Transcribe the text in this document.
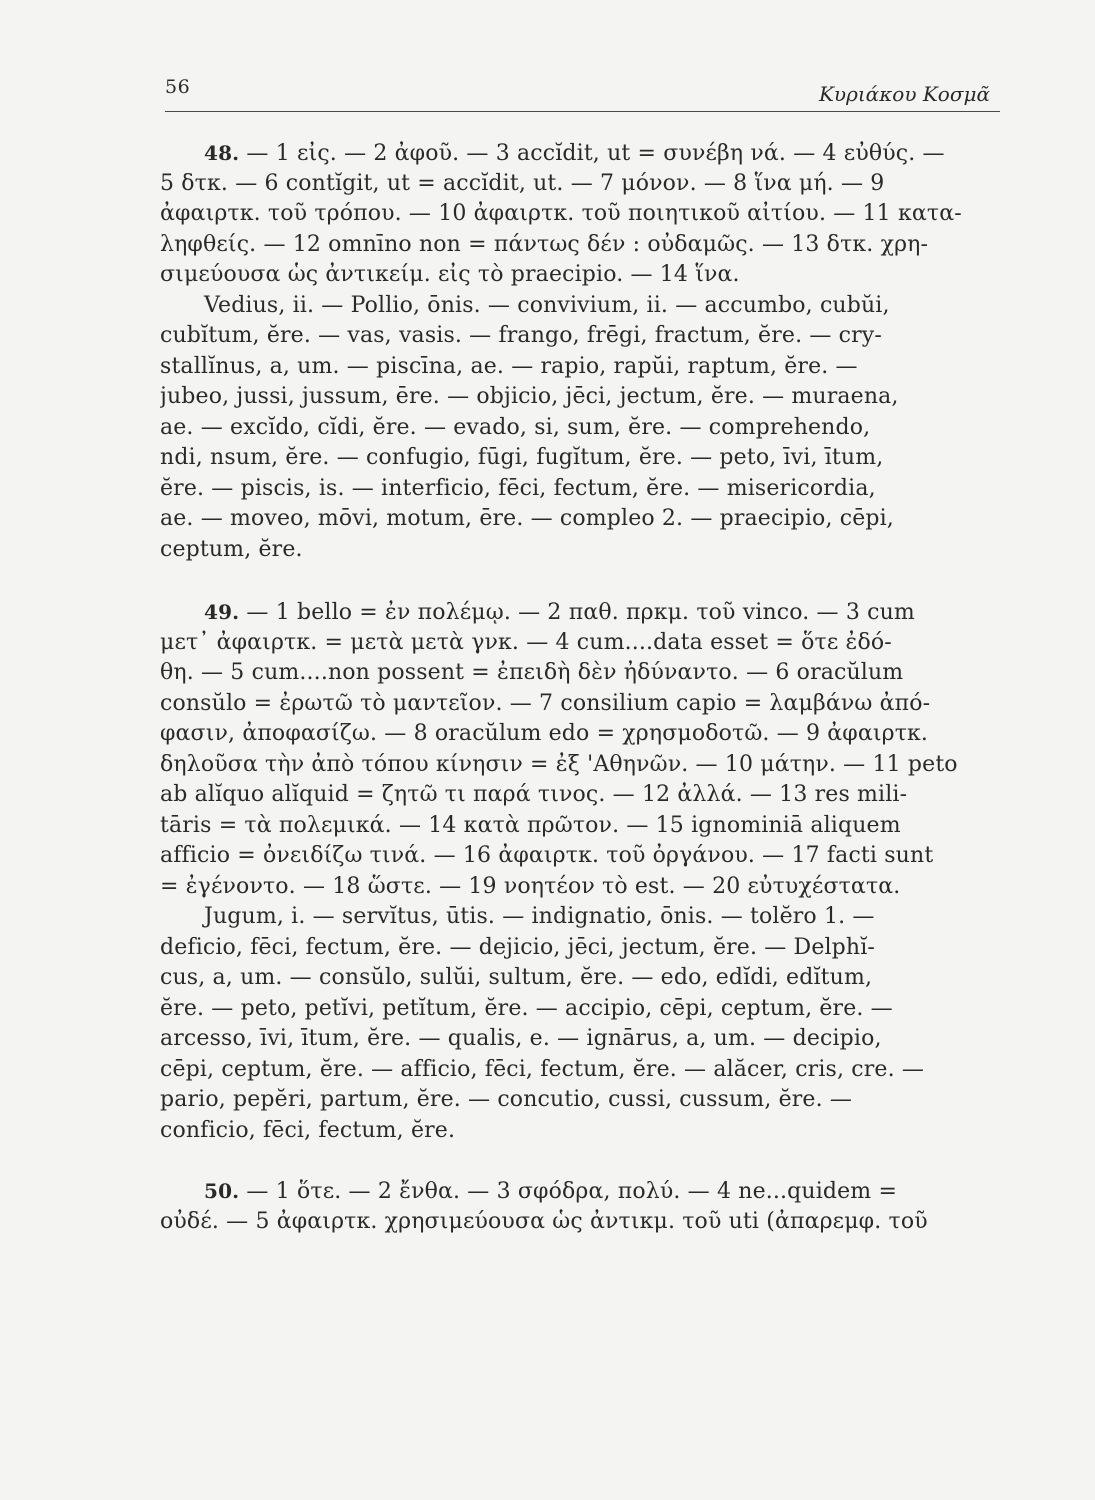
56	Κυριάκου Κοσμᾶ
48. — 1 εἰς. — 2 ἀφοῦ. — 3 accĭdit, ut = συνέβη νά. — 4 εὐθύς. —
5 δτκ. — 6 contĭgit, ut = accĭdit, ut. — 7 μόνον. — 8 ἵνα μή. — 9
ἀφαιρτκ. τοῦ τρόπου. — 10 ἀφαιρτκ. τοῦ ποιητικοῦ αἰτίου. — 11 κατα-
ληφθείς. — 12 omnīno non = πάντως δέν : οὐδαμῶς. — 13 δτκ. χρη-
σιμεύουσα ὡς ἀντικείμ. εἰς τὸ praecipio. — 14 ἵνα.
Vedius, ii. — Pollio, ōnis. — convivium, ii. — accumbo, cubŭi,
cubĭtum, ĕre. — vas, vasis. — frango, frēgi, fractum, ĕre. — cry-
stallĭnus, a, um. — piscīna, ae. — rapio, rapŭi, raptum, ĕre. —
jubeo, jussi, jussum, ēre. — objicio, jēci, jectum, ĕre. — muraena,
ae. — excĭdo, cĭdi, ĕre. — evado, si, sum, ĕre. — comprehendo,
ndi, nsum, ĕre. — confugio, fūgi, fugĭtum, ĕre. — peto, īvi, ītum,
ĕre. — piscis, is. — interficio, fēci, fectum, ĕre. — misericordia,
ae. — moveo, mōvi, motum, ēre. — compleo 2. — praecipio, cēpi,
ceptum, ĕre.
49. — 1 bello = ἐν πολέμῳ. — 2 παθ. πρκμ. τοῦ vinco. — 3 cum
μετ᾽ ἀφαιρτκ. = μετὰ μετὰ γνκ. — 4 cum....data esset = ὅτε ἐδό-
θη. — 5 cum....non possent = ἐπειδὴ δὲν ἠδύναντο. — 6 oracŭlum
consŭlo = ἐρωτῶ τὸ μαντεῖον. — 7 consilium capio = λαμβάνω ἀπό-
φασιν, ἀποφασίζω. — 8 oracŭlum edo = χρησμοδοτῶ. — 9 ἀφαιρτκ.
δηλοῦσα τὴν ἀπὸ τόπου κίνησιν = ἐξ 'Αθηνῶν. — 10 μάτην. — 11 peto
ab alĭquo alĭquid = ζητῶ τι παρά τινος. — 12 ἀλλά. — 13 res mili-
tāris = τὰ πολεμικά. — 14 κατὰ πρῶτον. — 15 ignominiā aliquem
afficio = ὀνειδίζω τινά. — 16 ἀφαιρτκ. τοῦ ὀργάνου. — 17 facti sunt
= ἐγένοντο. — 18 ὥστε. — 19 νοητέον τὸ est. — 20 εὐτυχέστατα.
Jugum, i. — servĭtus, ūtis. — indignatio, ōnis. — tolĕro 1. —
deficio, fēci, fectum, ĕre. — dejicio, jēci, jectum, ĕre. — Delphĭ-
cus, a, um. — consŭlo, sulŭi, sultum, ĕre. — edo, edĭdi, edĭtum,
ĕre. — peto, petĭvi, petĭtum, ĕre. — accipio, cēpi, ceptum, ĕre. —
arcesso, īvi, ītum, ĕre. — qualis, e. — ignārus, a, um. — decipio,
cēpi, ceptum, ĕre. — afficio, fēci, fectum, ĕre. — alăcer, cris, cre. —
pario, pepĕri, partum, ĕre. — concutio, cussi, cussum, ĕre. —
conficio, fēci, fectum, ĕre.
50. — 1 ὅτε. — 2 ἔνθα. — 3 σφόδρα, πολύ. — 4 ne...quidem =
οὐδέ. — 5 ἀφαιρτκ. χρησιμεύουσα ὡς ἀντικμ. τοῦ uti (ἀπαρεμφ. τοῦ
